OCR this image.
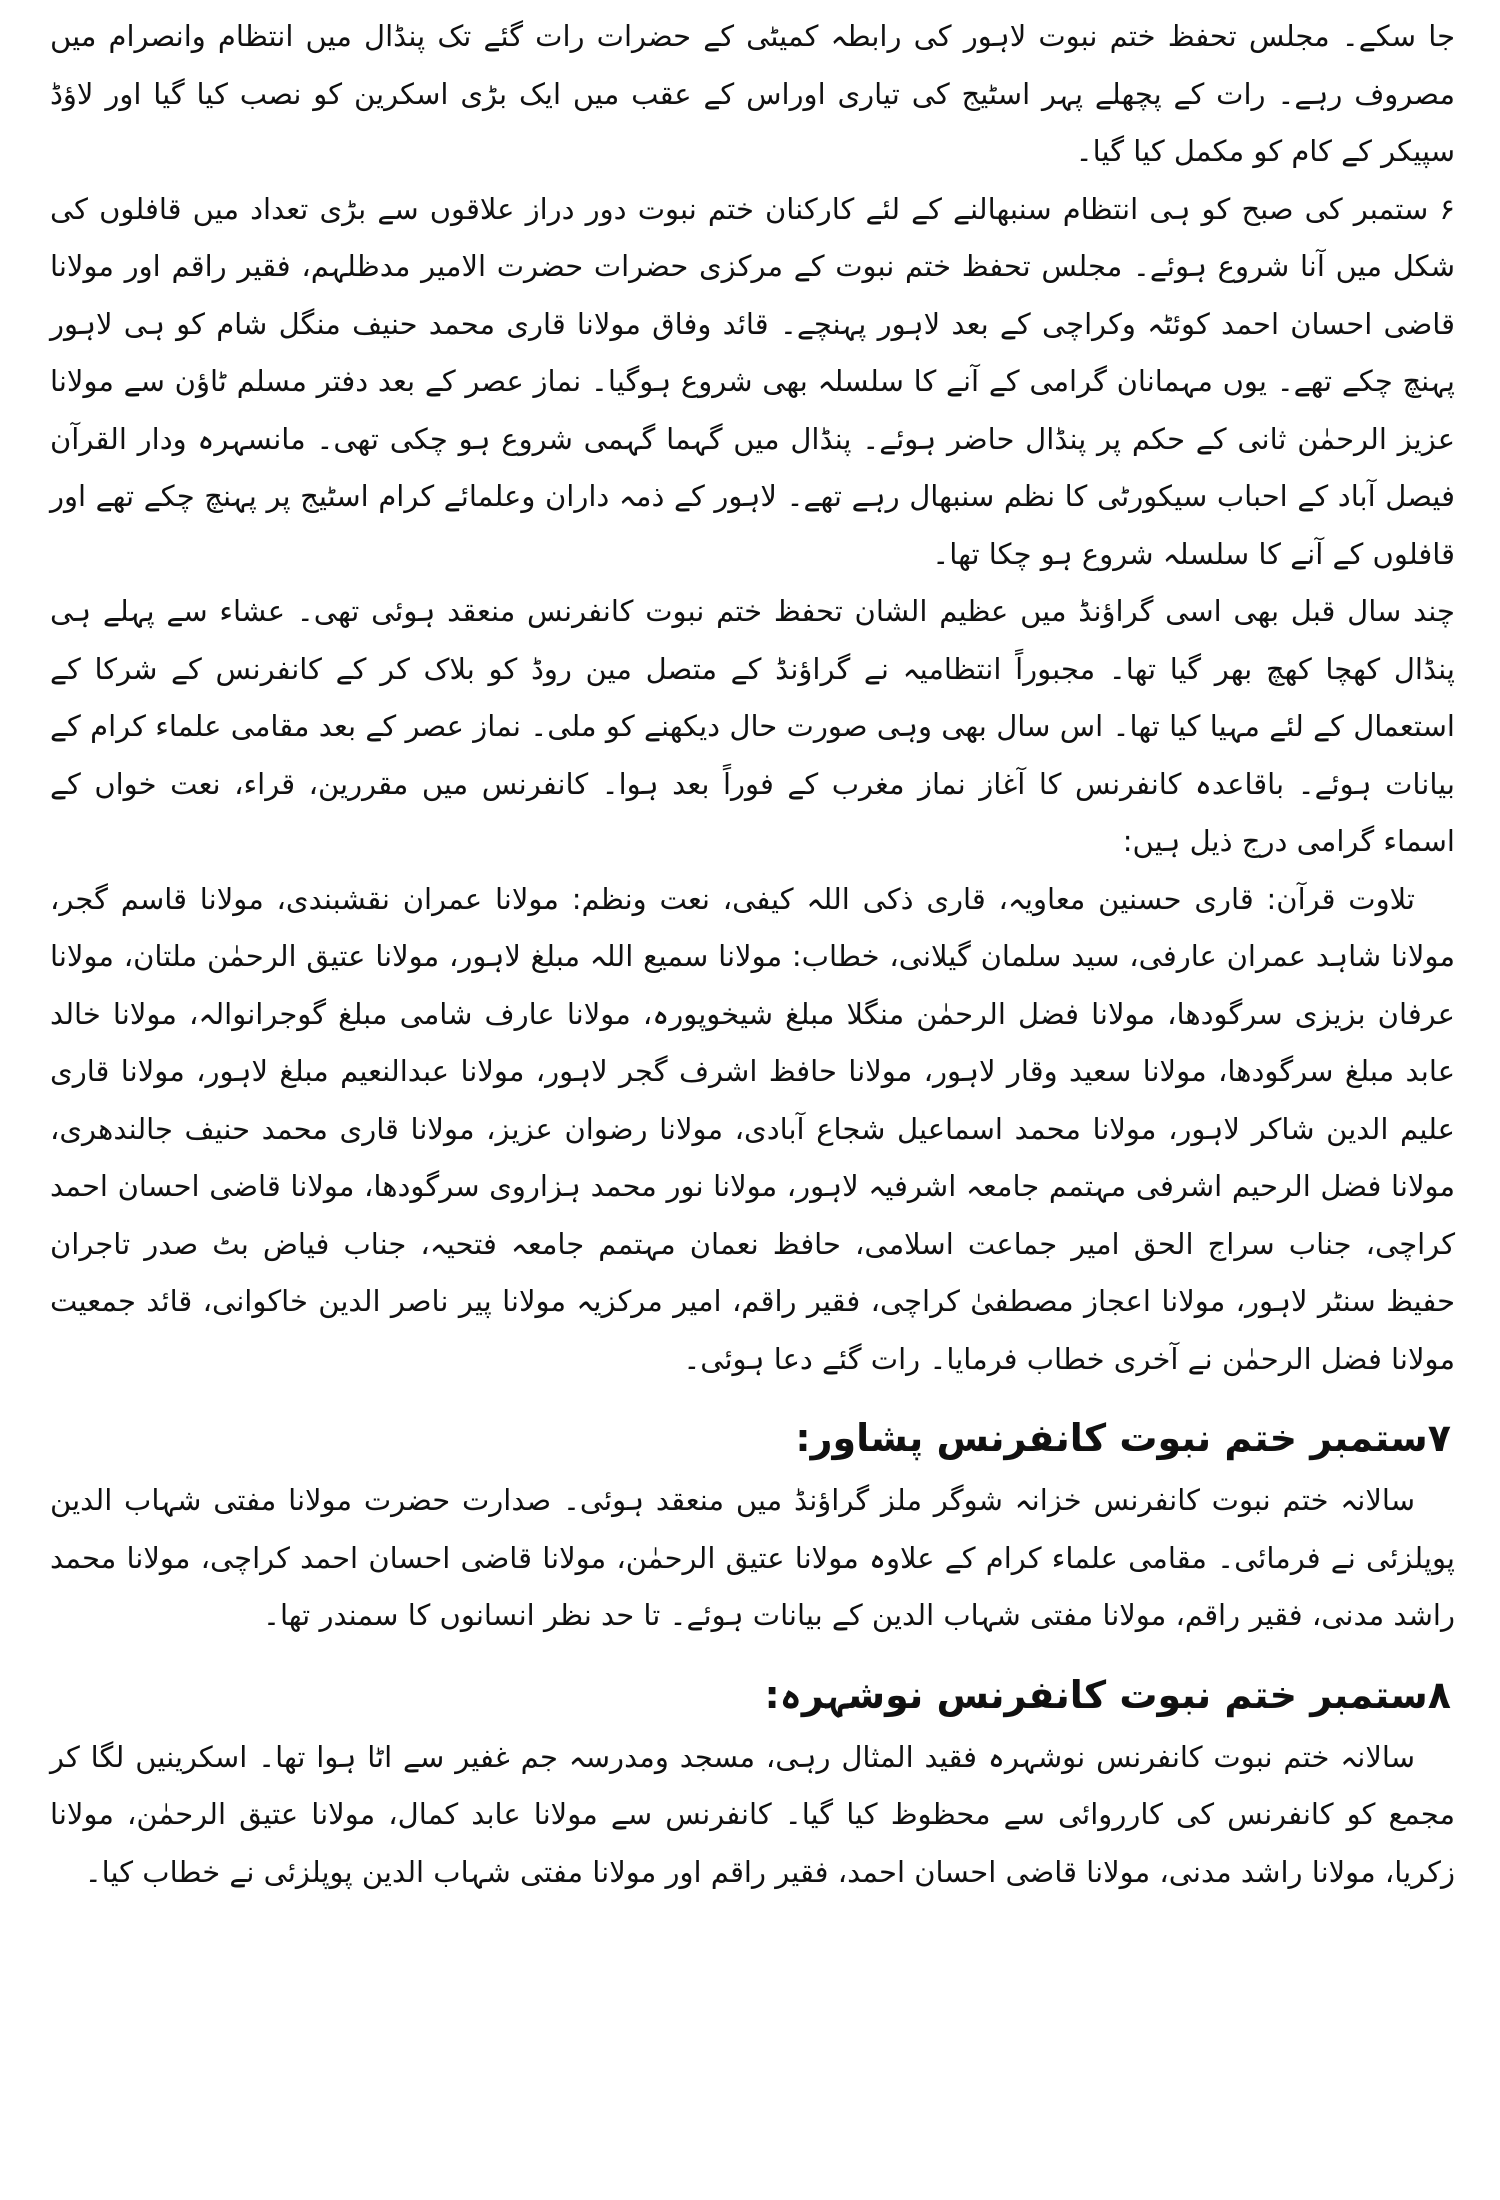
جا سکے۔ مجلس تحفظ ختم نبوت لاہور کی رابطہ کمیٹی کے حضرات رات گئے تک پنڈال میں انتظام وانصرام میں مصروف رہے۔ رات کے پچھلے پہر اسٹیج کی تیاری اوراس کے عقب میں ایک بڑی اسکرین کو نصب کیا گیا اور لاؤڈ سپیکر کے کام کو مکمل کیا گیا۔

۶ ستمبر کی صبح کو ہی انتظام سنبھالنے کے لئے کارکنان ختم نبوت دور دراز علاقوں سے بڑی تعداد میں قافلوں کی شکل میں آنا شروع ہوئے۔ مجلس تحفظ ختم نبوت کے مرکزی حضرات حضرت الامیر مدظلہم، فقیر راقم اور مولانا قاضی احسان احمد کوئٹہ وکراچی کے بعد لاہور پہنچے۔ قائد وفاق مولانا قاری محمد حنیف منگل شام کو ہی لاہور پہنچ چکے تھے۔ یوں مہمانان گرامی کے آنے کا سلسلہ بھی شروع ہوگیا۔ نماز عصر کے بعد دفتر مسلم ٹاؤن سے مولانا عزیز الرحمٰن ثانی کے حکم پر پنڈال حاضر ہوئے۔ پنڈال میں گہما گہمی شروع ہو چکی تھی۔ مانسہرہ ودار القرآن فیصل آباد کے احباب سیکورٹی کا نظم سنبھال رہے تھے۔ لاہور کے ذمہ داران وعلمائے کرام اسٹیج پر پہنچ چکے تھے اور قافلوں کے آنے کا سلسلہ شروع ہو چکا تھا۔

چند سال قبل بھی اسی گراؤنڈ میں عظیم الشان تحفظ ختم نبوت کانفرنس منعقد ہوئی تھی۔ عشاء سے پہلے ہی پنڈال کھچا کھچ بھر گیا تھا۔ مجبوراً انتظامیہ نے گراؤنڈ کے متصل مین روڈ کو بلاک کر کے کانفرنس کے شرکا کے استعمال کے لئے مہیا کیا تھا۔ اس سال بھی وہی صورت حال دیکھنے کو ملی۔ نماز عصر کے بعد مقامی علماء کرام کے بیانات ہوئے۔ باقاعدہ کانفرنس کا آغاز نماز مغرب کے فوراً بعد ہوا۔ کانفرنس میں مقررین، قراء، نعت خواں کے اسماء گرامی درج ذیل ہیں:

تلاوت قرآن: قاری حسنین معاویہ، قاری ذکی اللہ کیفی، نعت ونظم: مولانا عمران نقشبندی، مولانا قاسم گجر، مولانا شاہد عمران عارفی، سید سلمان گیلانی، خطاب: مولانا سمیع اللہ مبلغ لاہور، مولانا عتیق الرحمٰن ملتان، مولانا عرفان بزیزی سرگودھا، مولانا فضل الرحمٰن منگلا مبلغ شیخوپورہ، مولانا عارف شامی مبلغ گوجرانوالہ، مولانا خالد عابد مبلغ سرگودھا، مولانا سعید وقار لاہور، مولانا حافظ اشرف گجر لاہور، مولانا عبدالنعیم مبلغ لاہور، مولانا قاری علیم الدین شاکر لاہور، مولانا محمد اسماعیل شجاع آبادی، مولانا رضوان عزیز، مولانا قاری محمد حنیف جالندھری، مولانا فضل الرحیم اشرفی مہتمم جامعہ اشرفیہ لاہور، مولانا نور محمد ہزاروی سرگودھا، مولانا قاضی احسان احمد کراچی، جناب سراج الحق امیر جماعت اسلامی، حافظ نعمان مہتمم جامعہ فتحیہ، جناب فیاض بٹ صدر تاجران حفیظ سنٹر لاہور، مولانا اعجاز مصطفیٰ کراچی، فقیر راقم، امیر مرکزیہ مولانا پیر ناصر الدین خاکوانی، قائد جمعیت مولانا فضل الرحمٰن نے آخری خطاب فرمایا۔ رات گئے دعا ہوئی۔

۷ستمبر ختم نبوت کانفرنس پشاور:

سالانہ ختم نبوت کانفرنس خزانہ شوگر ملز گراؤنڈ میں منعقد ہوئی۔ صدارت حضرت مولانا مفتی شہاب الدین پوپلزئی نے فرمائی۔ مقامی علماء کرام کے علاوہ مولانا عتیق الرحمٰن، مولانا قاضی احسان احمد کراچی، مولانا محمد راشد مدنی، فقیر راقم، مولانا مفتی شہاب الدین کے بیانات ہوئے۔ تا حد نظر انسانوں کا سمندر تھا۔

۸ستمبر ختم نبوت کانفرنس نوشہرہ:

سالانہ ختم نبوت کانفرنس نوشہرہ فقید المثال رہی، مسجد ومدرسہ جم غفیر سے اٹا ہوا تھا۔ اسکرینیں لگا کر مجمع کو کانفرنس کی کارروائی سے محظوظ کیا گیا۔ کانفرنس سے مولانا عابد کمال، مولانا عتیق الرحمٰن، مولانا زکریا، مولانا راشد مدنی، مولانا قاضی احسان احمد، فقیر راقم اور مولانا مفتی شہاب الدین پوپلزئی نے خطاب کیا۔
